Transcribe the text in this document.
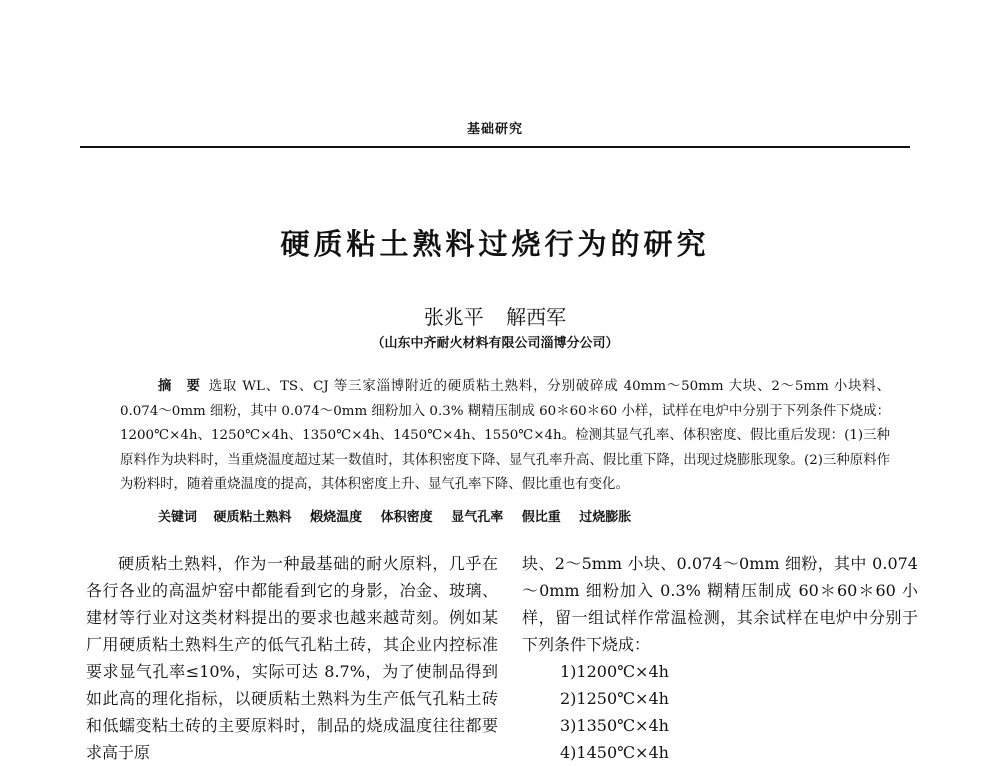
基础研究
硬质粘土熟料过烧行为的研究
张兆平 解西军
（山东中齐耐火材料有限公司淄博分公司）
摘　要 选取 WL、TS、CJ 等三家淄博附近的硬质粘土熟料，分别破碎成 40mm～50mm 大块、2～5mm 小块料、0.074～0mm 细粉，其中 0.074～0mm 细粉加入 0.3% 糊精压制成 60＊60＊60 小样，试样在电炉中分别于下列条件下烧成：1200℃×4h、1250℃×4h、1350℃×4h、1450℃×4h、1550℃×4h。检测其显气孔率、体积密度、假比重后发现：(1)三种原料作为块料时，当重烧温度超过某一数值时，其体积密度下降、显气孔率升高、假比重下降，出现过烧膨胀现象。(2)三种原料作为粉料时，随着重烧温度的提高，其体积密度上升、显气孔率下降、假比重也有变化。
关键词 硬质粘土熟料 煅烧温度 体积密度 显气孔率 假比重 过烧膨胀

硬质粘土熟料，作为一种最基础的耐火原料，几乎在各行各业的高温炉窑中都能看到它的身影，冶金、玻璃、建材等行业对这类材料提出的要求也越来越苛刻。例如某厂用硬质粘土熟料生产的低气孔粘土砖，其企业内控标准要求显气孔率≤10%，实际可达 8.7%，为了使制品得到如此高的理化指标，以硬质粘土熟料为生产低气孔粘土砖和低蠕变粘土砖的主要原料时，制品的烧成温度往往都要求高于原

块、2～5mm 小块、0.074～0mm 细粉，其中 0.074～0mm 细粉加入 0.3% 糊精压制成 60＊60＊60 小样，留一组试样作常温检测，其余试样在电炉中分别于下列条件下烧成：

1)1200℃×4h

2)1250℃×4h

3)1350℃×4h

4)1450℃×4h
